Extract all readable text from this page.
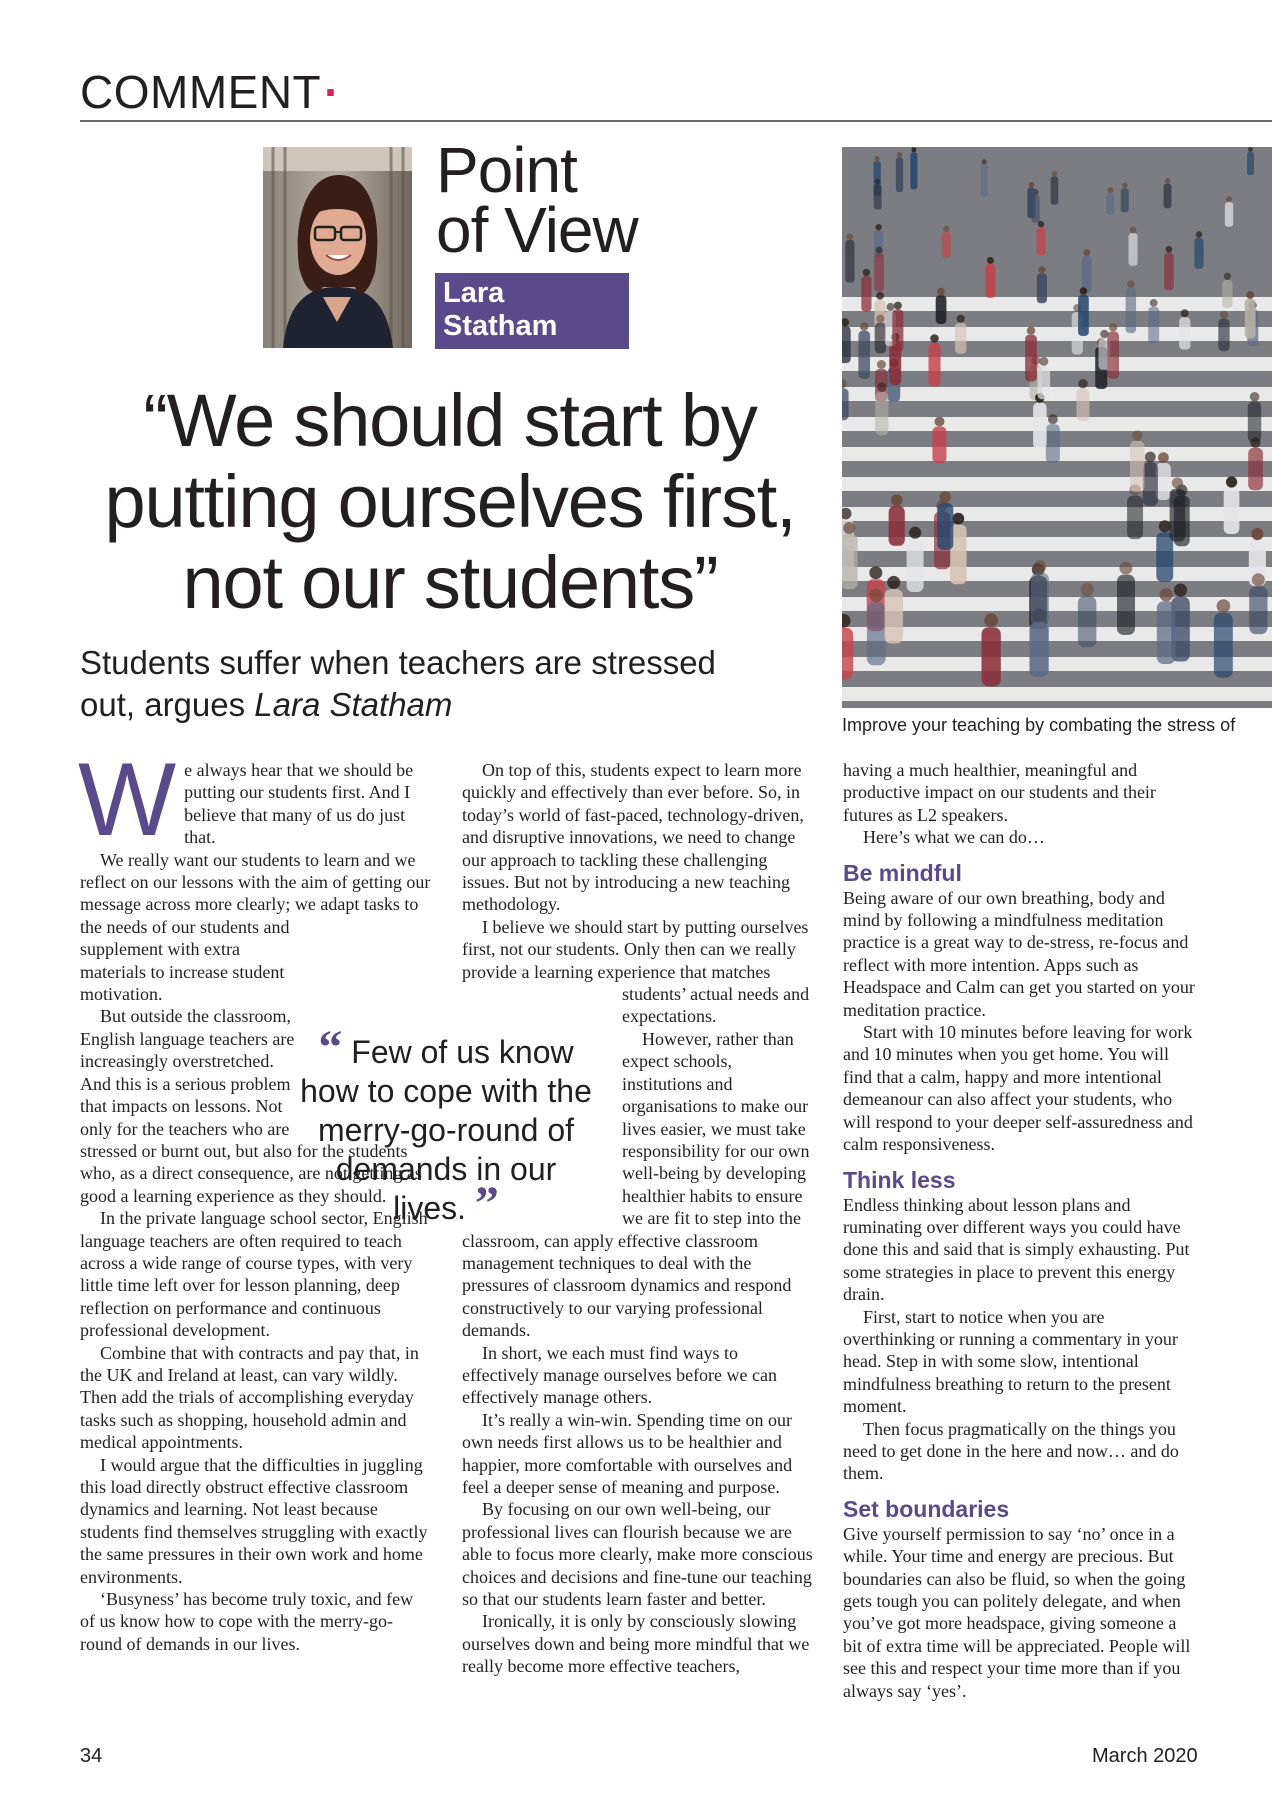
COMMENT·
Point
of View
Lara
Statham
“We should start by
putting ourselves first,
not our students”
Students suffer when teachers are stressed out, argues Lara Statham
Improve your teaching by combating the stress of
W e always hear that we should be putting our students first. And I believe that many of us do just that.

We really want our students to learn and we reflect on our lessons with the aim of getting our message across more clearly; we adapt tasks to the needs of our students and supplement with extra materials to increase student motivation.

But outside the classroom, English language teachers are increasingly overstretched. And this is a serious problem that impacts on lessons. Not only for the teachers who are stressed or burnt out, but also for the students who, as a direct consequence, are not getting as good a learning experience as they should.

In the private language school sector, English language teachers are often required to teach across a wide range of course types, with very little time left over for lesson planning, deep reflection on performance and continuous professional development.

Combine that with contracts and pay that, in the UK and Ireland at least, can vary wildly. Then add the trials of accomplishing everyday tasks such as shopping, household admin and medical appointments.

I would argue that the difficulties in juggling this load directly obstruct effective classroom dynamics and learning. Not least because students find themselves struggling with exactly the same pressures in their own work and home environments.

‘Busyness’ has become truly toxic, and few of us know how to cope with the merry-go-round of demands in our lives.

On top of this, students expect to learn more quickly and effectively than ever before. So, in today’s world of fast-paced, technology-driven, and disruptive innovations, we need to change our approach to tackling these challenging issues. But not by introducing a new teaching methodology.

I believe we should start by putting ourselves first, not our students. Only then can we really provide a learning experience that matches students’ actual needs and expectations.

However, rather than expect schools, institutions and organisations to make our lives easier, we must take responsibility for our own well-being by developing healthier habits to ensure we are fit to step into the classroom, can apply effective classroom management techniques to deal with the pressures of classroom dynamics and respond constructively to our varying professional demands.

In short, we each must find ways to effectively manage ourselves before we can effectively manage others.

It’s really a win-win. Spending time on our own needs first allows us to be healthier and happier, more comfortable with ourselves and feel a deeper sense of meaning and purpose.

By focusing on our own well-being, our professional lives can flourish because we are able to focus more clearly, make more conscious choices and decisions and fine-tune our teaching so that our students learn faster and better.

Ironically, it is only by consciously slowing ourselves down and being more mindful that we really become more effective teachers,

having a much healthier, meaningful and productive impact on our students and their futures as L2 speakers.

Here’s what we can do…

Be mindful

Being aware of our own breathing, body and mind by following a mindfulness meditation practice is a great way to de-stress, re-focus and reflect with more intention. Apps such as Headspace and Calm can get you started on your meditation practice.

Start with 10 minutes before leaving for work and 10 minutes when you get home. You will find that a calm, happy and more intentional demeanour can also affect your students, who will respond to your deeper self-assuredness and calm responsiveness.

Think less

Endless thinking about lesson plans and ruminating over different ways you could have done this and said that is simply exhausting. Put some strategies in place to prevent this energy drain.

First, start to notice when you are overthinking or running a commentary in your head. Step in with some slow, intentional mindfulness breathing to return to the present moment.

Then focus pragmatically on the things you need to get done in the here and now… and do them.

Set boundaries

Give yourself permission to say ‘no’ once in a while. Your time and energy are precious. But boundaries can also be fluid, so when the going gets tough you can politely delegate, and when you’ve got more headspace, giving someone a bit of extra time will be appreciated. People will see this and respect your time more than if you always say ‘yes’.

“ Few of us know how to cope with the merry-go-round of demands in our lives. ”
34	March 2020
